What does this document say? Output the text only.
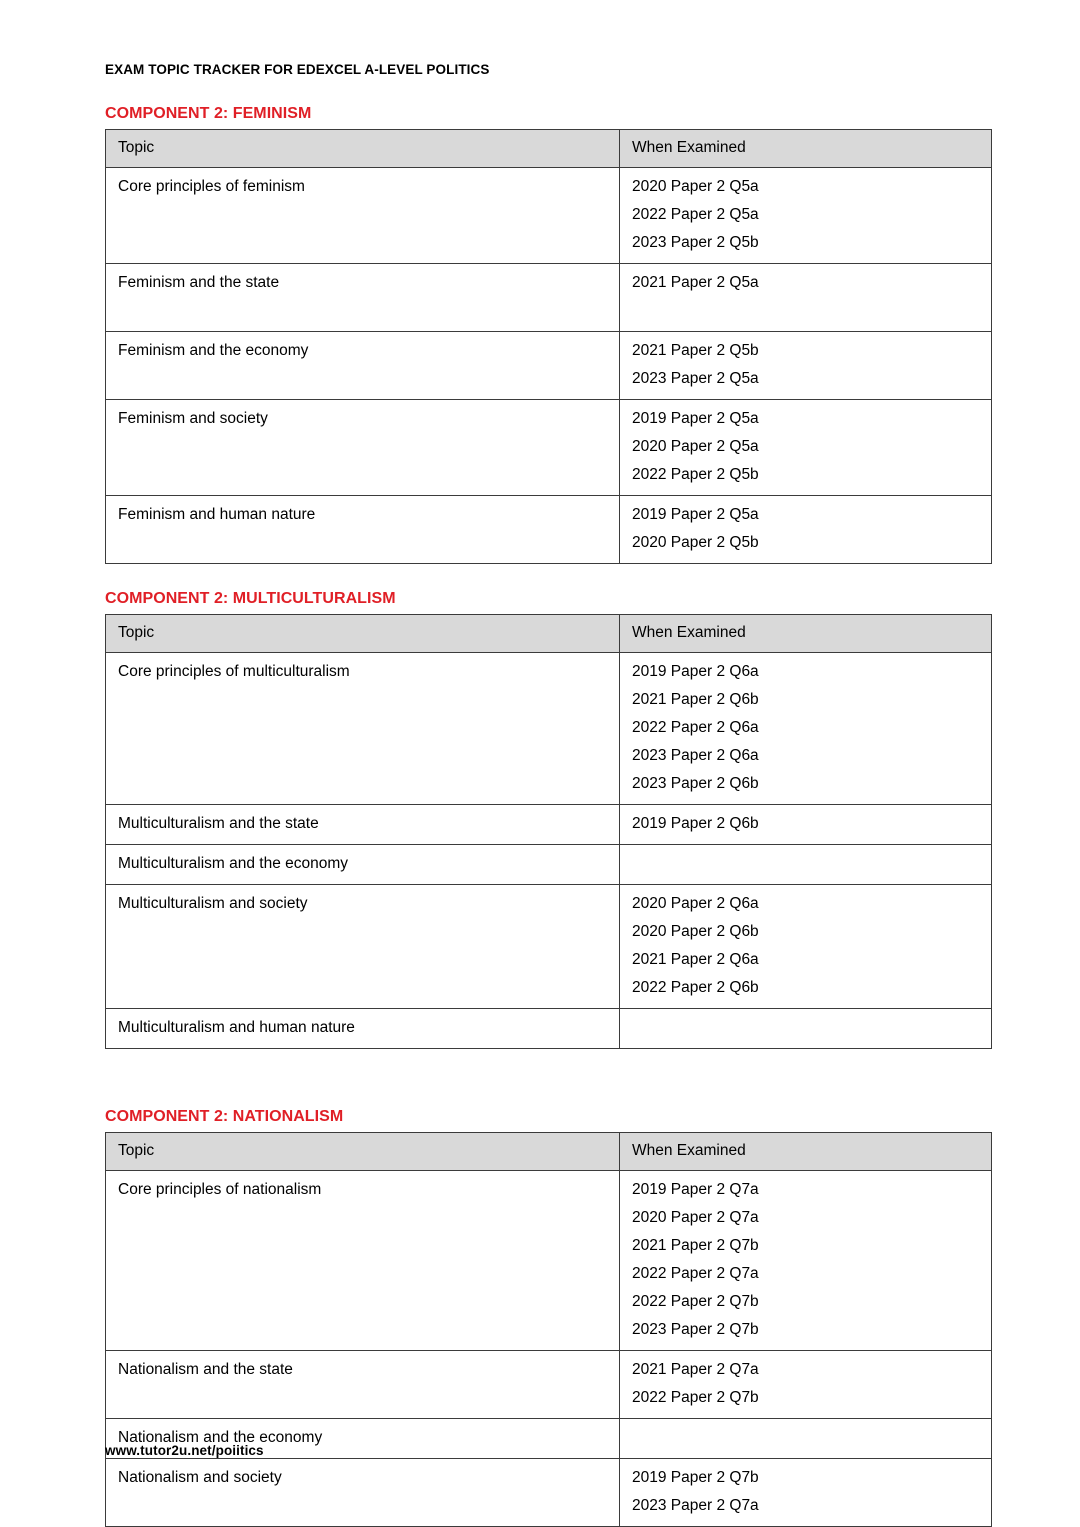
EXAM TOPIC TRACKER FOR EDEXCEL A-LEVEL POLITICS
COMPONENT 2: FEMINISM
Topic	When Examined
Core principles of feminism	2020 Paper 2 Q5a
2022 Paper 2 Q5a
2023 Paper 2 Q5b

Feminism and the state	2021 Paper 2 Q5a

Feminism and the economy	2021 Paper 2 Q5b
2023 Paper 2 Q5a

Feminism and society	2019 Paper 2 Q5a
2020 Paper 2 Q5a
2022 Paper 2 Q5b

Feminism and human nature	2019 Paper 2 Q5a
2020 Paper 2 Q5b
COMPONENT 2: MULTICULTURALISM
Topic	When Examined
Core principles of multiculturalism	2019 Paper 2 Q6a
2021 Paper 2 Q6b
2022 Paper 2 Q6a
2023 Paper 2 Q6a
2023 Paper 2 Q6b

Multiculturalism and the state	2019 Paper 2 Q6b

Multiculturalism and the economy	

Multiculturalism and society	2020 Paper 2 Q6a
2020 Paper 2 Q6b
2021 Paper 2 Q6a
2022 Paper 2 Q6b

Multiculturalism and human nature	

COMPONENT 2: NATIONALISM
Topic	When Examined
Core principles of nationalism	2019 Paper 2 Q7a
2020 Paper 2 Q7a
2021 Paper 2 Q7b
2022 Paper 2 Q7a
2022 Paper 2 Q7b
2023 Paper 2 Q7b

Nationalism and the state	2021 Paper 2 Q7a
2022 Paper 2 Q7b

Nationalism and the economy	

Nationalism and society	2019 Paper 2 Q7b
2023 Paper 2 Q7a
www.tutor2u.net/poiitics
